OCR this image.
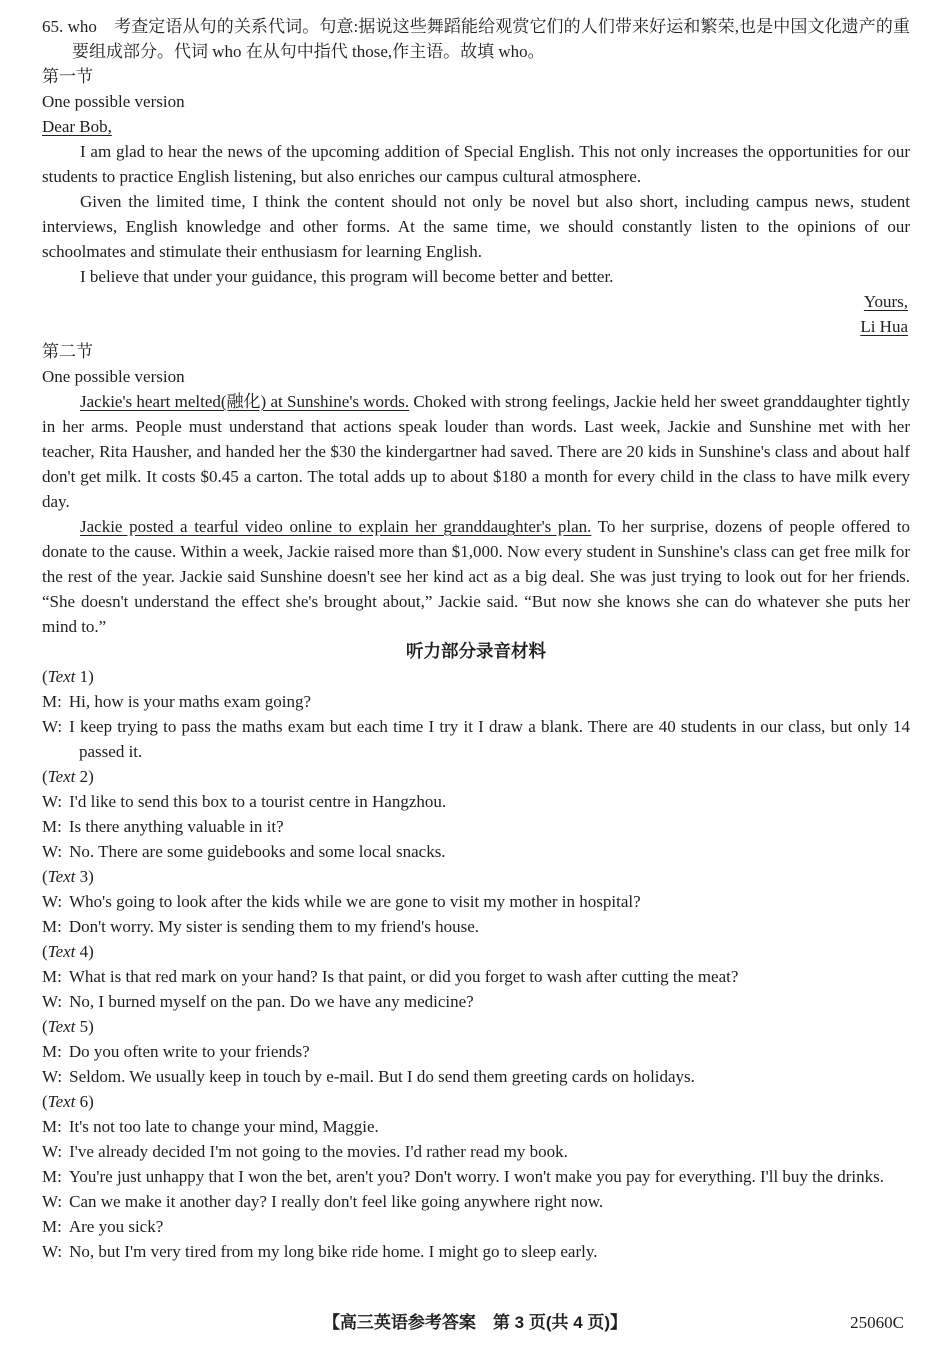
65. who　考查定语从句的关系代词。句意:据说这些舞蹈能给观赏它们的人们带来好运和繁荣,也是中国文化遗产的重要组成部分。代词 who 在从句中指代 those,作主语。故填 who。
第一节
One possible version
Dear Bob,
I am glad to hear the news of the upcoming addition of Special English. This not only increases the opportunities for our students to practice English listening, but also enriches our campus cultural atmosphere.
Given the limited time, I think the content should not only be novel but also short, including campus news, student interviews, English knowledge and other forms. At the same time, we should constantly listen to the opinions of our schoolmates and stimulate their enthusiasm for learning English.
I believe that under your guidance, this program will become better and better.
Yours,
Li Hua
第二节
One possible version
Jackie's heart melted(融化) at Sunshine's words. Choked with strong feelings, Jackie held her sweet granddaughter tightly in her arms. People must understand that actions speak louder than words. Last week, Jackie and Sunshine met with her teacher, Rita Hausher, and handed her the $30 the kindergartner had saved. There are 20 kids in Sunshine's class and about half don't get milk. It costs $0.45 a carton. The total adds up to about $180 a month for every child in the class to have milk every day.
Jackie posted a tearful video online to explain her granddaughter's plan. To her surprise, dozens of people offered to donate to the cause. Within a week, Jackie raised more than $1,000. Now every student in Sunshine's class can get free milk for the rest of the year. Jackie said Sunshine doesn't see her kind act as a big deal. She was just trying to look out for her friends. “She doesn't understand the effect she's brought about,” Jackie said. “But now she knows she can do whatever she puts her mind to.”
听力部分录音材料
(Text 1)
M: Hi, how is your maths exam going?
W: I keep trying to pass the maths exam but each time I try it I draw a blank. There are 40 students in our class, but only 14 passed it.
(Text 2)
W: I'd like to send this box to a tourist centre in Hangzhou.
M: Is there anything valuable in it?
W: No. There are some guidebooks and some local snacks.
(Text 3)
W: Who's going to look after the kids while we are gone to visit my mother in hospital?
M: Don't worry. My sister is sending them to my friend's house.
(Text 4)
M: What is that red mark on your hand? Is that paint, or did you forget to wash after cutting the meat?
W: No, I burned myself on the pan. Do we have any medicine?
(Text 5)
M: Do you often write to your friends?
W: Seldom. We usually keep in touch by e-mail. But I do send them greeting cards on holidays.
(Text 6)
M: It's not too late to change your mind, Maggie.
W: I've already decided I'm not going to the movies. I'd rather read my book.
M: You're just unhappy that I won the bet, aren't you? Don't worry. I won't make you pay for everything. I'll buy the drinks.
W: Can we make it another day? I really don't feel like going anywhere right now.
M: Are you sick?
W: No, but I'm very tired from my long bike ride home. I might go to sleep early.
【高三英语参考答案　第 3 页(共 4 页)】	25060C
